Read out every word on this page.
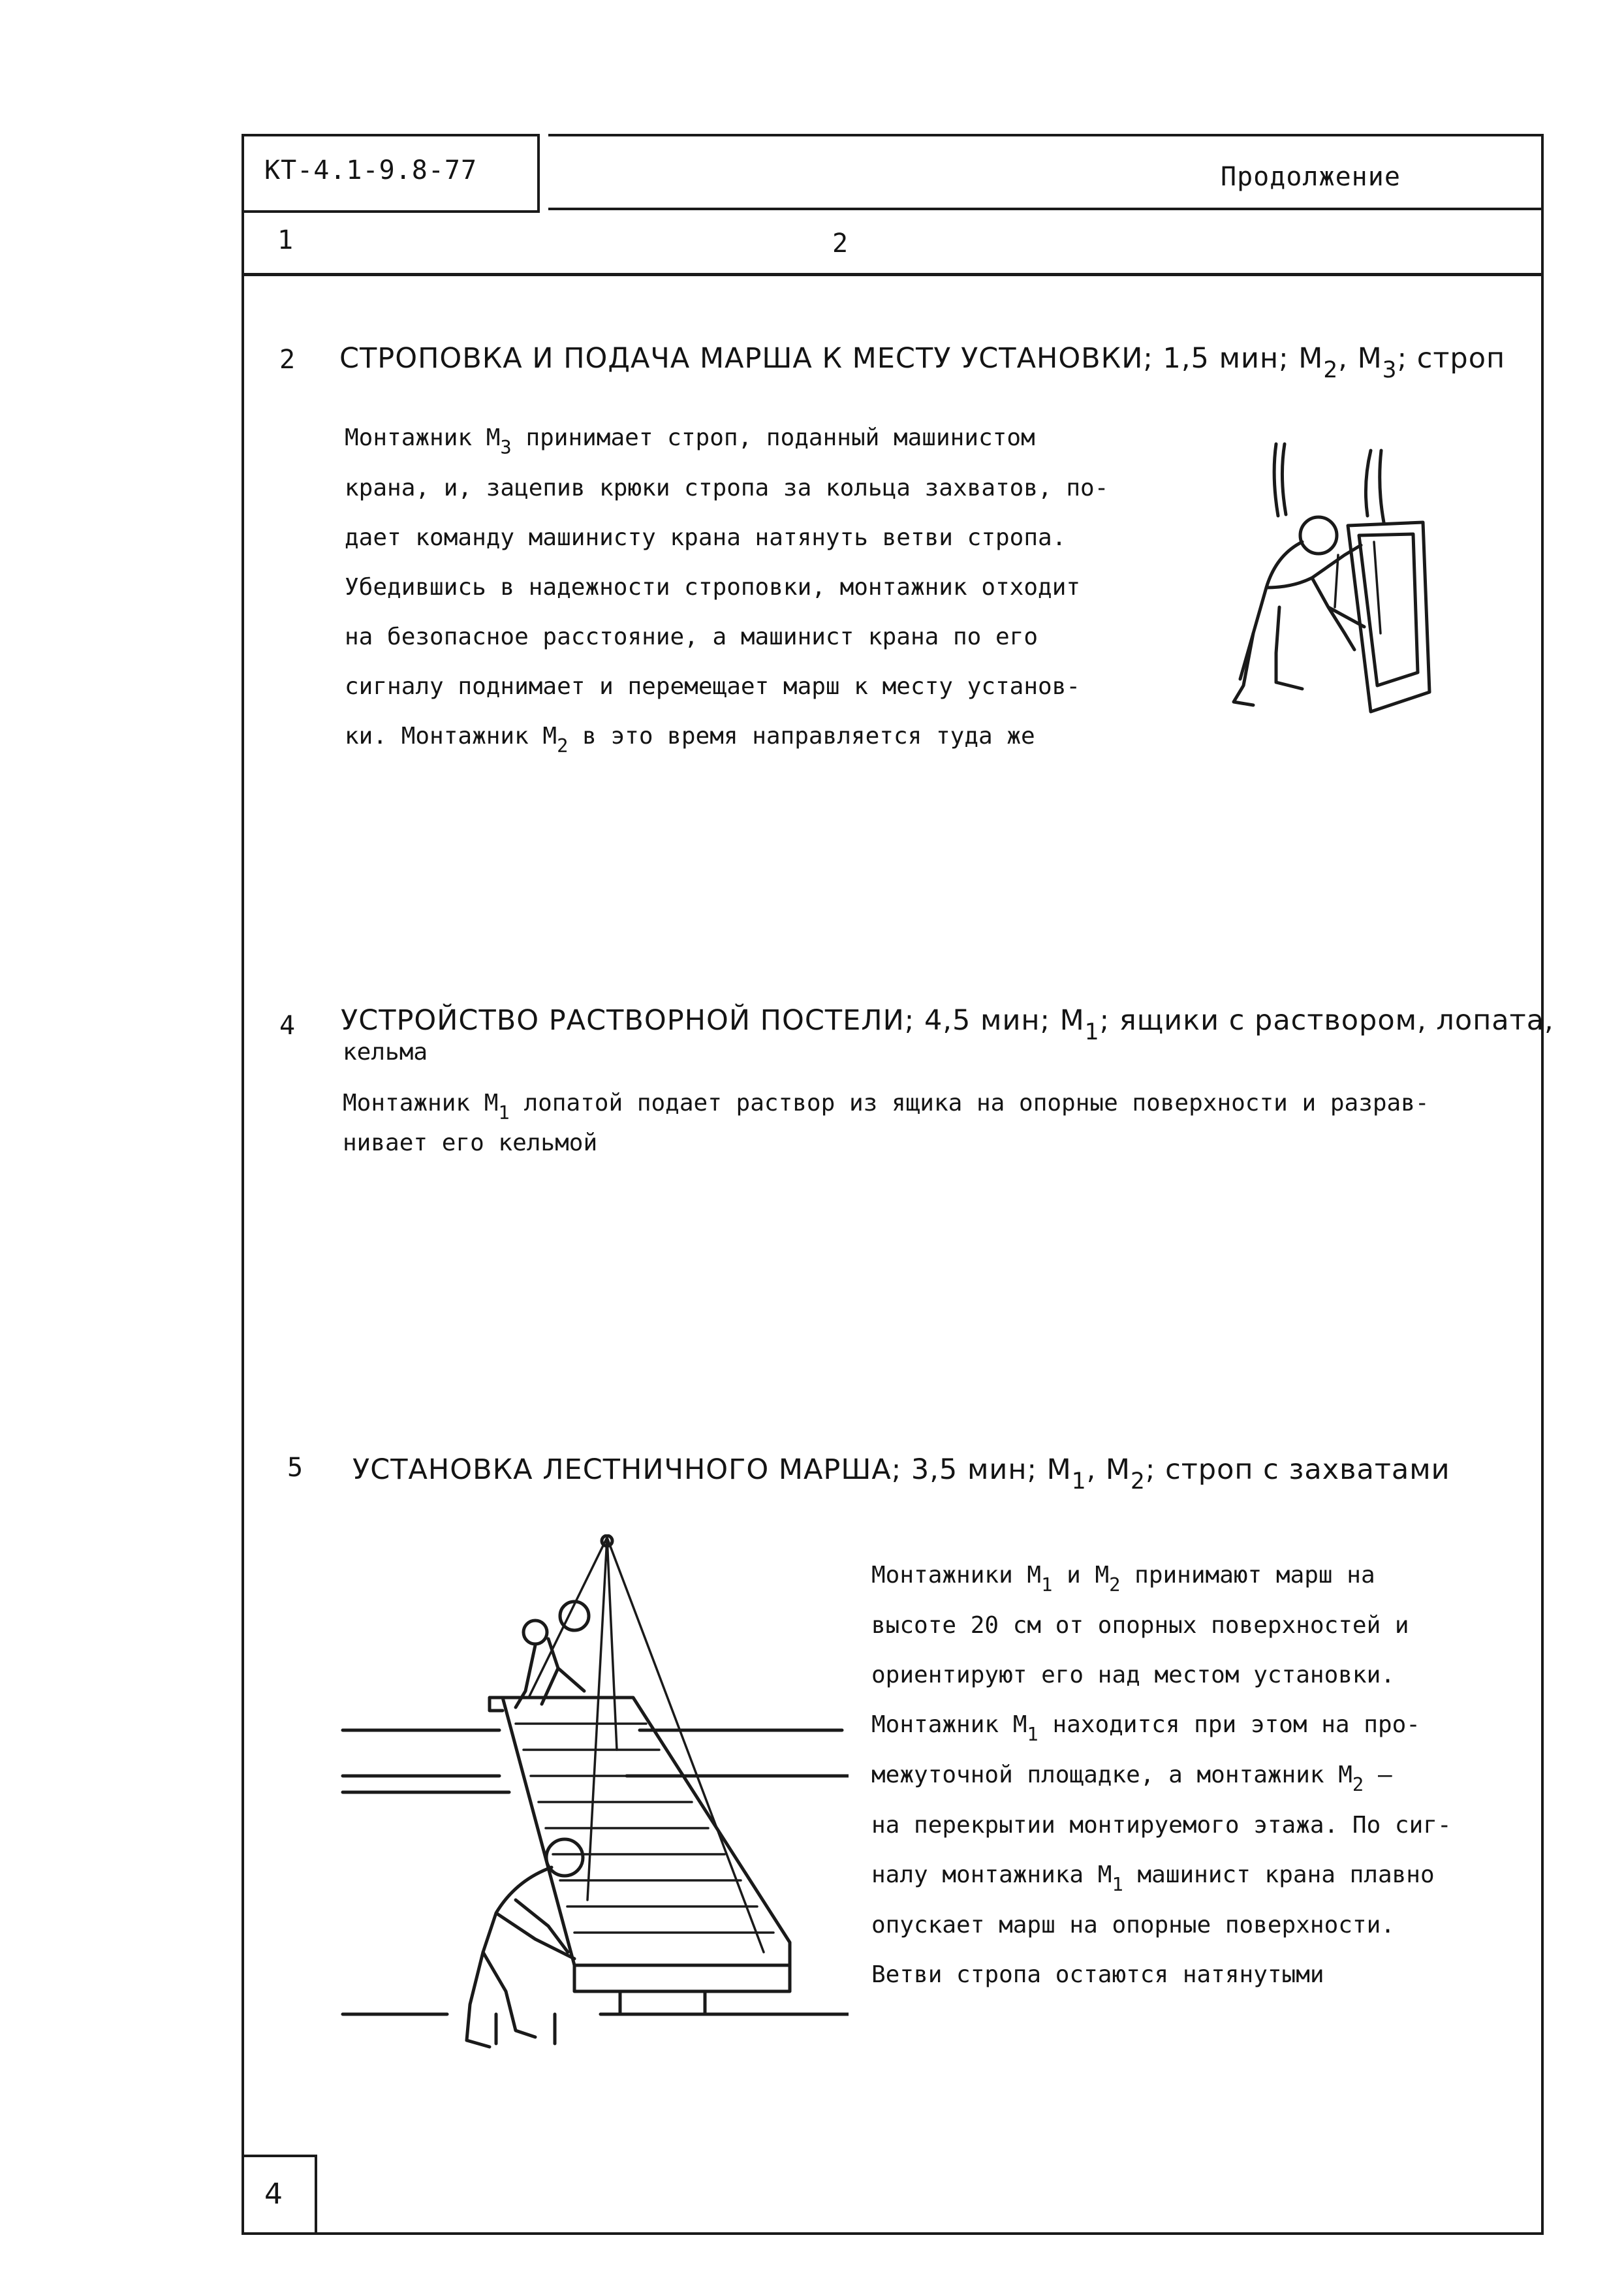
КТ-4.1-9.8-77	Продолжение
1	2
2 СТРОПОВКА И ПОДАЧА МАРША К МЕСТУ УСТАНОВКИ; 1,5 мин; $М_2$, $М_3$; строп
Монтажник $М_3$ принимает строп, поданный машинистом
крана, и, зацепив крюки стропа за кольца захватов, по-
дает команду машинисту крана натянуть ветви стропа.
Убедившись в надежности строповки, монтажник отходит
на безопасное расстояние, а машинист крана по его
сигналу поднимает и перемещает марш к месту установ-
ки. Монтажник $М_2$ в это время направляется туда же
4 УСТРОЙСТВО РАСТВОРНОЙ ПОСТЕЛИ; 4,5 мин; $М_1$; ящики с раствором, лопата,
кельма
Монтажник $М_1$ лопатой подает раствор из ящика на опорные поверхности и разрав-
нивает его кельмой
5 УСТАНОВКА ЛЕСТНИЧНОГО МАРША; 3,5 мин; $М_1$, $М_2$; строп с захватами
Монтажники $М_1$ и $М_2$ принимают марш на
высоте 20 см от опорных поверхностей и
ориентируют его над местом установки.
Монтажник $М_1$ находится при этом на про-
межуточной площадке, а монтажник $М_2$ –
на перекрытии монтируемого этажа. По сиг-
налу монтажника $М_1$ машинист крана плавно
опускает марш на опорные поверхности.
Ветви стропа остаются натянутыми
4
